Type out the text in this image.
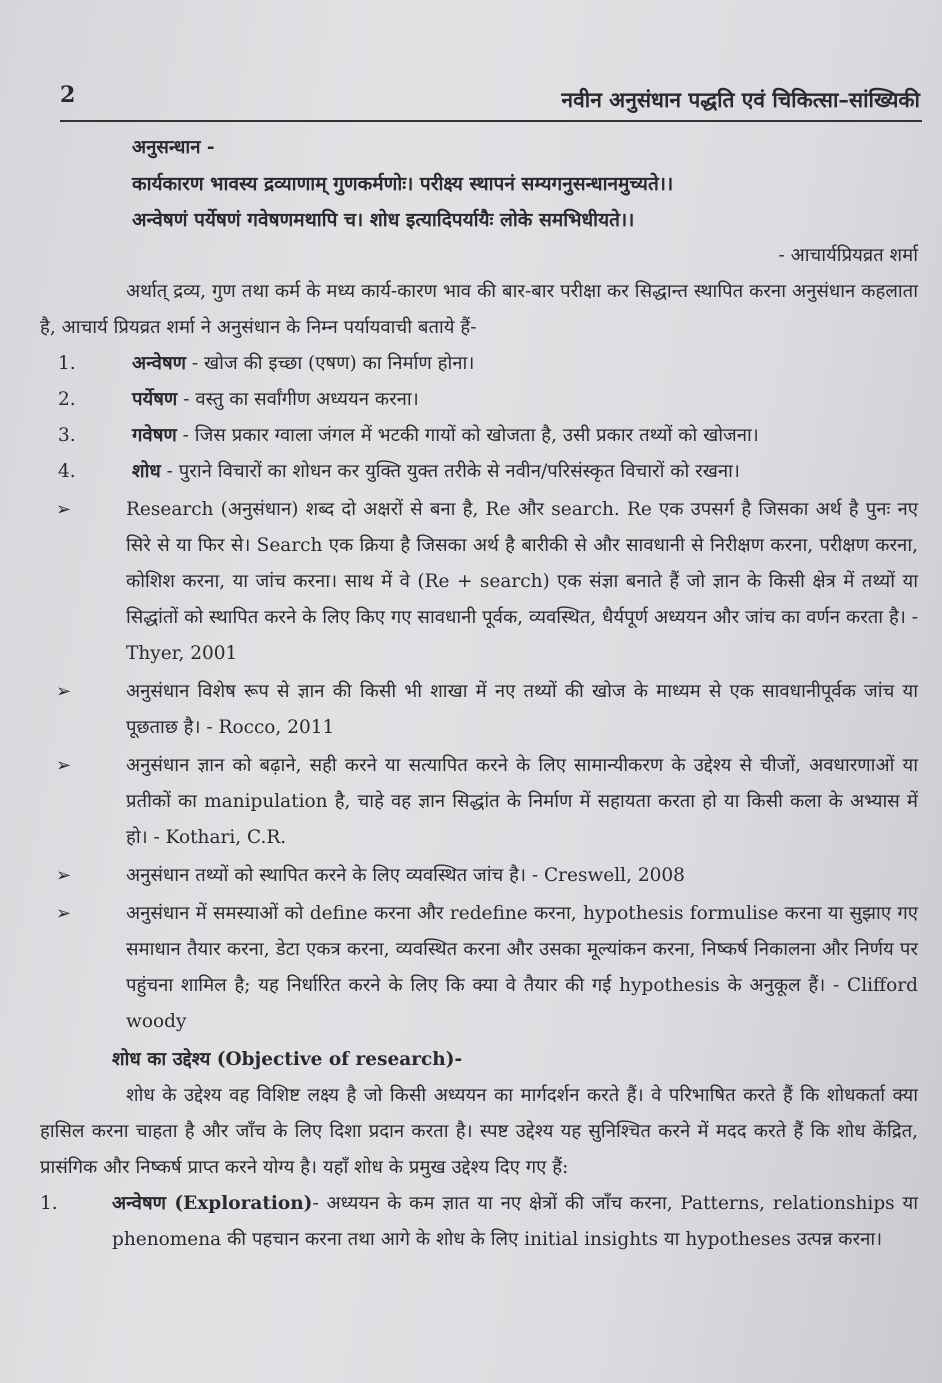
2	नवीन अनुसंधान पद्धति एवं चिकित्सा–सांख्यिकी
अनुसन्धान -
कार्यकारण भावस्य द्रव्याणाम् गुणकर्मणोः। परीक्ष्य स्थापनं सम्यगनुसन्धानमुच्यते।।
अन्वेषणं पर्येषणं गवेषणमथापि च। शोध इत्यादिपर्यायैः लोके समभिधीयते।।
- आचार्यप्रियव्रत शर्मा

अर्थात् द्रव्य, गुण तथा कर्म के मध्य कार्य-कारण भाव की बार-बार परीक्षा कर सिद्धान्त स्थापित करना अनुसंधान कहलाता है, आचार्य प्रियव्रत शर्मा ने अनुसंधान के निम्न पर्यायवाची बताये हैं-

1.	अन्वेषण - खोज की इच्छा (एषण) का निर्माण होना।
2.	पर्येषण - वस्तु का सर्वांगीण अध्ययन करना।
3.	गवेषण - जिस प्रकार ग्वाला जंगल में भटकी गायों को खोजता है, उसी प्रकार तथ्यों को खोजना।
4.	शोध - पुराने विचारों का शोधन कर युक्ति युक्त तरीके से नवीन/परिसंस्कृत विचारों को रखना।
➢	Research (अनुसंधान) शब्द दो अक्षरों से बना है, Re और search. Re एक उपसर्ग है जिसका अर्थ है पुनः नए सिरे से या फिर से। Search एक क्रिया है जिसका अर्थ है बारीकी से और सावधानी से निरीक्षण करना, परीक्षण करना, कोशिश करना, या जांच करना। साथ में वे (Re + search) एक संज्ञा बनाते हैं जो ज्ञान के किसी क्षेत्र में तथ्यों या सिद्धांतों को स्थापित करने के लिए किए गए सावधानी पूर्वक, व्यवस्थित, धैर्यपूर्ण अध्ययन और जांच का वर्णन करता है। - Thyer, 2001
➢	अनुसंधान विशेष रूप से ज्ञान की किसी भी शाखा में नए तथ्यों की खोज के माध्यम से एक सावधानीपूर्वक जांच या पूछताछ है। - Rocco, 2011
➢	अनुसंधान ज्ञान को बढ़ाने, सही करने या सत्यापित करने के लिए सामान्यीकरण के उद्देश्य से चीजों, अवधारणाओं या प्रतीकों का manipulation है, चाहे वह ज्ञान सिद्धांत के निर्माण में सहायता करता हो या किसी कला के अभ्यास में हो। - Kothari, C.R.
➢	अनुसंधान तथ्यों को स्थापित करने के लिए व्यवस्थित जांच है। - Creswell, 2008
➢	अनुसंधान में समस्याओं को define करना और redefine करना, hypothesis formulise करना या सुझाए गए समाधान तैयार करना, डेटा एकत्र करना, व्यवस्थित करना और उसका मूल्यांकन करना, निष्कर्ष निकालना और निर्णय पर पहुंचना शामिल है; यह निर्धारित करने के लिए कि क्या वे तैयार की गई hypothesis के अनुकूल हैं। - Clifford woody
शोध का उद्देश्य (Objective of research)-

शोध के उद्देश्य वह विशिष्ट लक्ष्य है जो किसी अध्ययन का मार्गदर्शन करते हैं। वे परिभाषित करते हैं कि शोधकर्ता क्या हासिल करना चाहता है और जाँच के लिए दिशा प्रदान करता है। स्पष्ट उद्देश्य यह सुनिश्चित करने में मदद करते हैं कि शोध केंद्रित, प्रासंगिक और निष्कर्ष प्राप्त करने योग्य है। यहाँ शोध के प्रमुख उद्देश्य दिए गए हैं:

1.	अन्वेषण (Exploration)- अध्ययन के कम ज्ञात या नए क्षेत्रों की जाँच करना, Patterns, relationships या phenomena की पहचान करना तथा आगे के शोध के लिए initial insights या hypotheses उत्पन्न करना।
